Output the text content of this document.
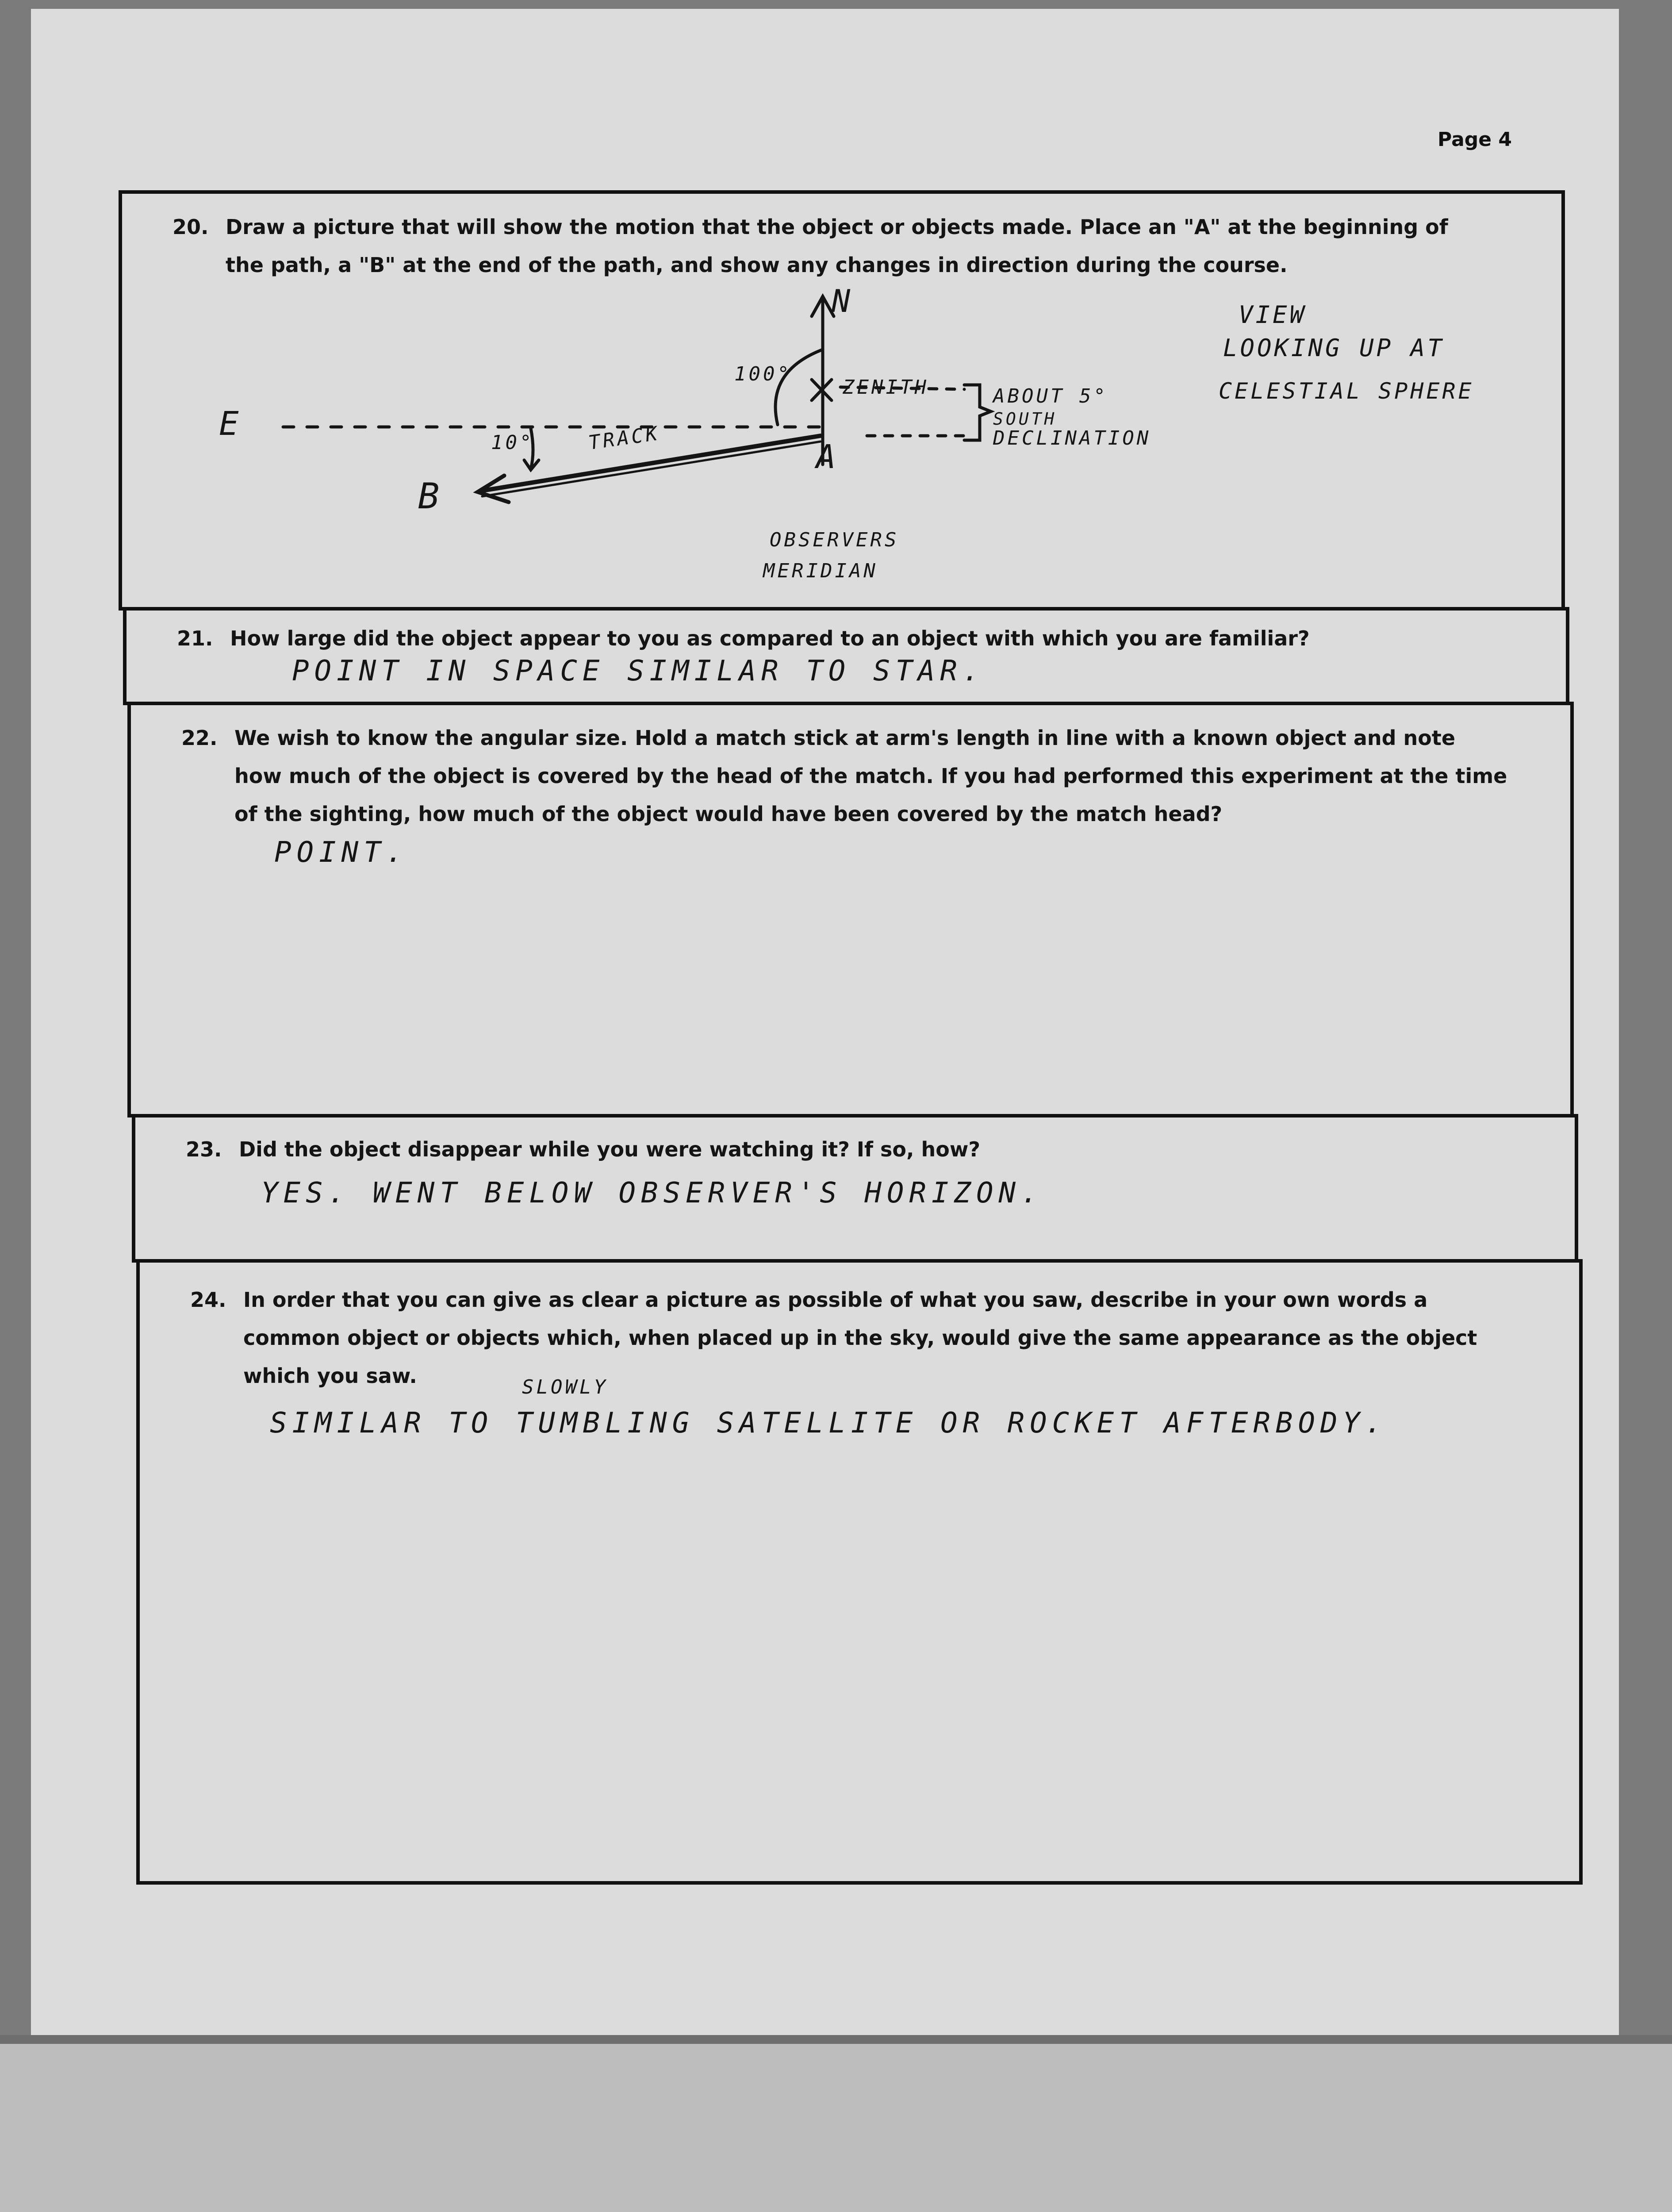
Page 4
20. Draw a picture that will show the motion that the object or objects made. Place an "A" at the beginning of
the path, a "B" at the end of the path, and show any changes in direction during the course.
N
E
A
B
ZENITH
TRACK
100°
10°
ABOUT 5°
SOUTH
DECLINATION
OBSERVERS
MERIDIAN
VIEW
LOOKING UP AT
CELESTIAL SPHERE
21. How large did the object appear to you as compared to an object with which you are familiar?
POINT IN SPACE SIMILAR TO STAR.
22. We wish to know the angular size. Hold a match stick at arm's length in line with a known object and note
how much of the object is covered by the head of the match. If you had performed this experiment at the time
of the sighting, how much of the object would have been covered by the match head?
POINT.
23. Did the object disappear while you were watching it? If so, how?
YES. WENT BELOW OBSERVER'S HORIZON.
24. In order that you can give as clear a picture as possible of what you saw, describe in your own words a
common object or objects which, when placed up in the sky, would give the same appearance as the object
which you saw.	SLOWLY
SIMILAR TO TUMBLING SATELLITE OR ROCKET AFTERBODY.
